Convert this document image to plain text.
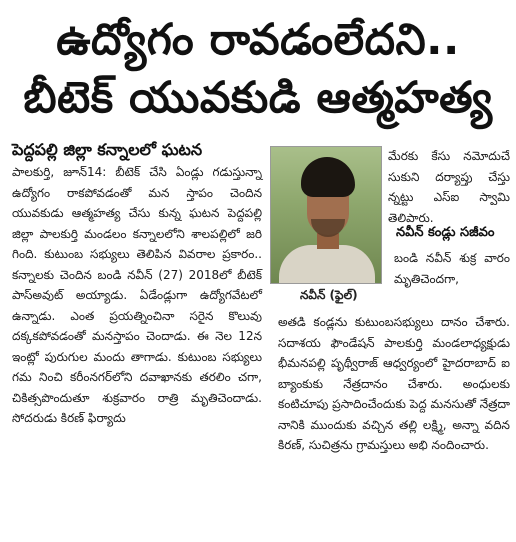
ఉద్యోగం రావడంలేదని..
బీటెక్ యువకుడి ఆత్మహత్య
పెద్దపల్లి జిల్లా కన్నాలలో ఘటన

పాలకుర్తి, జూన్14: బీటెక్ చేసి ఏండ్లు గడుస్తున్నా ఉద్యోగం రాకపోవడంతో మన స్తాపం చెందిన యువకుడు ఆత్మహత్య చేసు కున్న ఘటన పెద్దపల్లి జిల్లా పాలకుర్తి మండలం కన్నాలలోని శాలపల్లిలో జరి గింది. కుటుంబ సభ్యులు తెలిపిన వివరాల ప్రకారం.. కన్నాలకు చెందిన బండి నవీన్ (27) 2018లో బీటెక్ పాస్‌అవుట్ అయ్యాడు. ఏడేండ్లుగా ఉద్యోగవేటలో ఉన్నాడు. ఎంత ప్రయత్నించినా సరైన కొలువు దక్కకపోవడంతో మనస్తాపం చెందాడు. ఈ నెల 12న ఇంట్లో పురుగుల మందు తాగాడు. కుటుంబ సభ్యులు గమ నించి కరీంనగర్‌లోని దవాఖానకు తరలిం చగా, చికిత్సపొందుతూ శుక్రవారం రాత్రి మృతిచెందాడు. సోదరుడు కిరణ్ ఫిర్యాదు

నవీన్ (ఫైల్)

మేరకు కేసు నమోదుచే సుకుని దర్యాప్తు చేస్తు న్నట్టు ఎస్‌ఐ స్వామి తెలిపారు.

నవీన్ కండ్లు సజీవం

బండి నవీన్ శుక్ర వారం మృతిచెందగా,

అతడి కండ్లను కుటుంబసభ్యులు దానం చేశారు. సదాశయ ఫౌండేషన్ పాలకుర్తి మండలాధ్యక్షుడు భీమనపల్లి పృథ్వీరాజ్ ఆధ్వర్యంలో హైదరాబాద్ ఐ బ్యాంకుకు నేత్రదానం చేశారు. అంధులకు కంటిచూపు ప్రసాదించేందుకు పెద్ద మనసుతో నేత్రదా నానికి ముందుకు వచ్చిన తల్లి లక్ష్మి, అన్నా వదిన కిరణ్, సుచిత్రను గ్రామస్తులు అభి నందించారు.
